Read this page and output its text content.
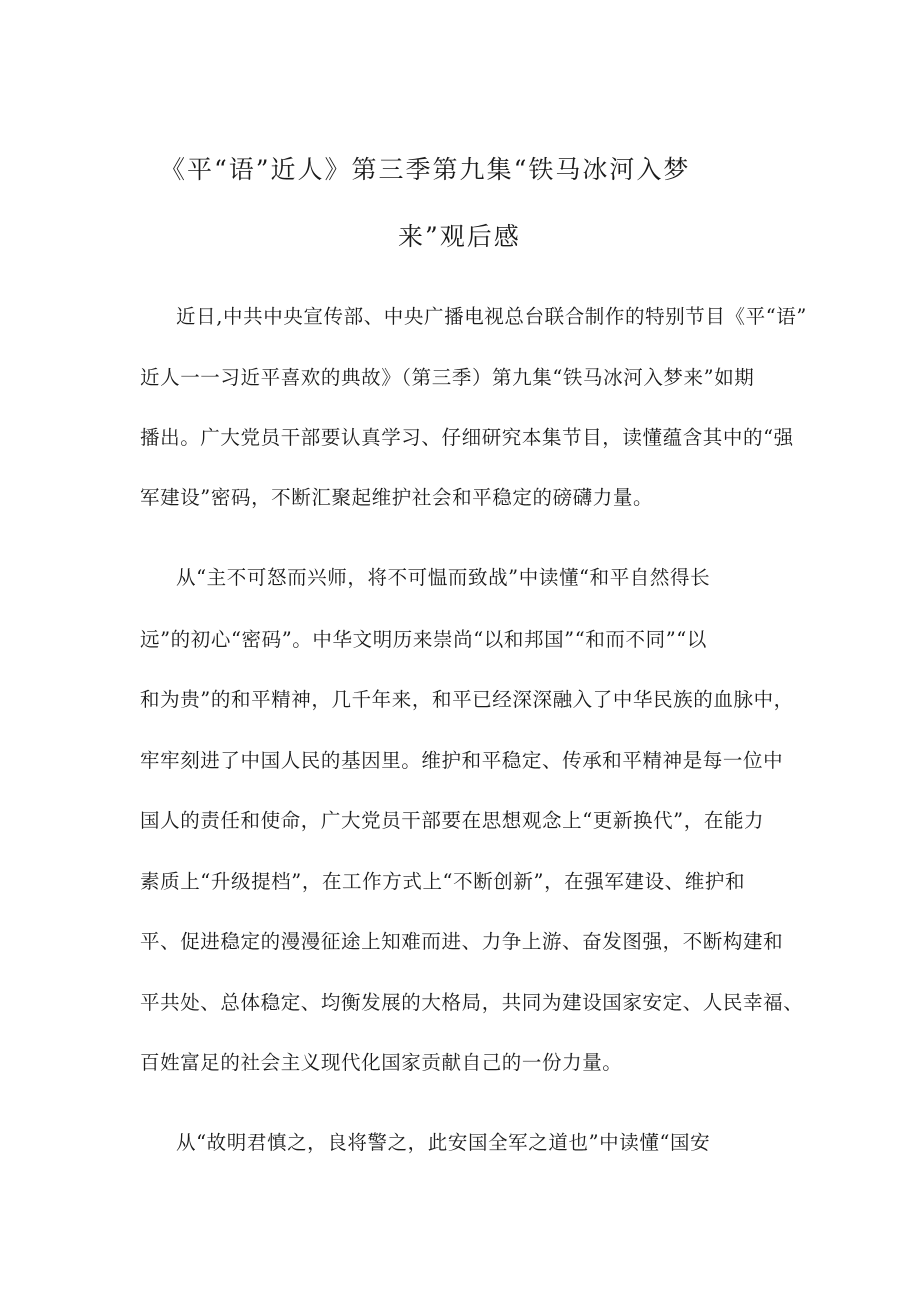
《平“语”近人》第三季第九集“铁马冰河入梦
来”观后感
近日,中共中央宣传部、中央广播电视总台联合制作的特别节目《平“语”
近人一一习近平喜欢的典故》（第三季）第九集“铁马冰河入梦来”如期
播出。广大党员干部要认真学习、仔细研究本集节目，读懂蕴含其中的“强
军建设”密码，不断汇聚起维护社会和平稳定的磅礴力量。
从“主不可怒而兴师，将不可愠而致战”中读懂“和平自然得长
远”的初心“密码”。中华文明历来崇尚“以和邦国”“和而不同”“以
和为贵”的和平精神，几千年来，和平已经深深融入了中华民族的血脉中，
牢牢刻进了中国人民的基因里。维护和平稳定、传承和平精神是每一位中
国人的责任和使命，广大党员干部要在思想观念上“更新换代”，在能力
素质上“升级提档”，在工作方式上“不断创新”，在强军建设、维护和
平、促进稳定的漫漫征途上知难而进、力争上游、奋发图强，不断构建和
平共处、总体稳定、均衡发展的大格局，共同为建设国家安定、人民幸福、
百姓富足的社会主义现代化国家贡献自己的一份力量。
从“故明君慎之，良将警之，此安国全军之道也”中读懂“国安
